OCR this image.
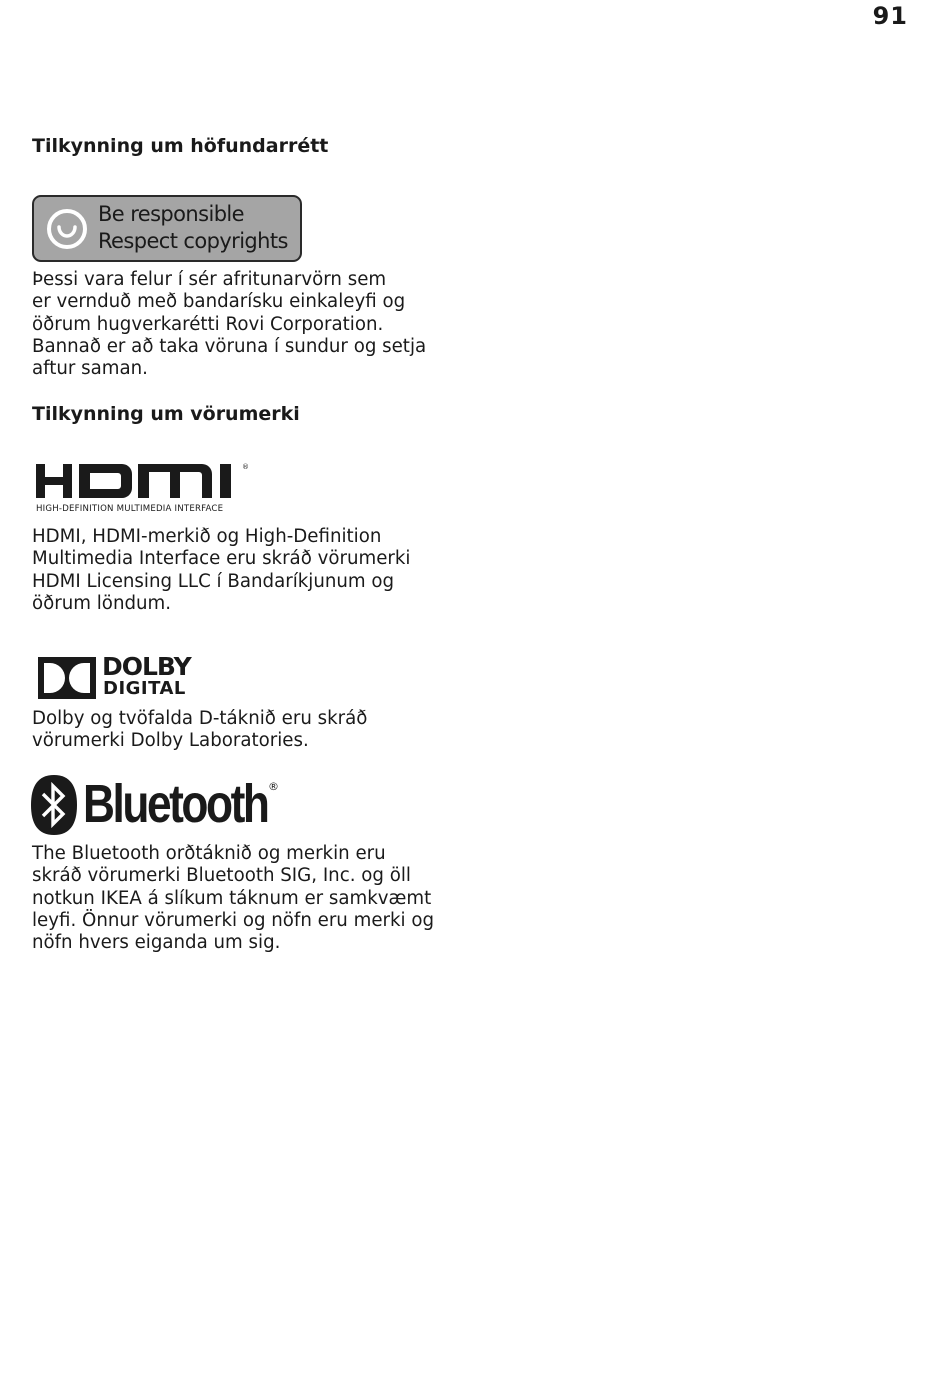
91
Tilkynning um höfundarrétt
Be responsible
Respect copyrights

Þessi vara felur í sér afritunarvörn sem
er vernduð með bandarísku einkaleyfi og
öðrum hugverkarétti Rovi Corporation.
Bannað er að taka vöruna í sundur og setja
aftur saman.

Tilkynning um vörumerki
®
HIGH-DEFINITION MULTIMEDIA INTERFACE

HDMI, HDMI-merkið og High-Definition
Multimedia Interface eru skráð vörumerki
HDMI Licensing LLC í Bandaríkjunum og
öðrum löndum.

DOLBY
DIGITAL

Dolby og tvöfalda D-táknið eru skráð
vörumerki Dolby Laboratories.

Bluetooth ®

The Bluetooth orðtáknið og merkin eru
skráð vörumerki Bluetooth SIG, Inc. og öll
notkun IKEA á slíkum táknum er samkvæmt
leyfi. Önnur vörumerki og nöfn eru merki og
nöfn hvers eiganda um sig.
